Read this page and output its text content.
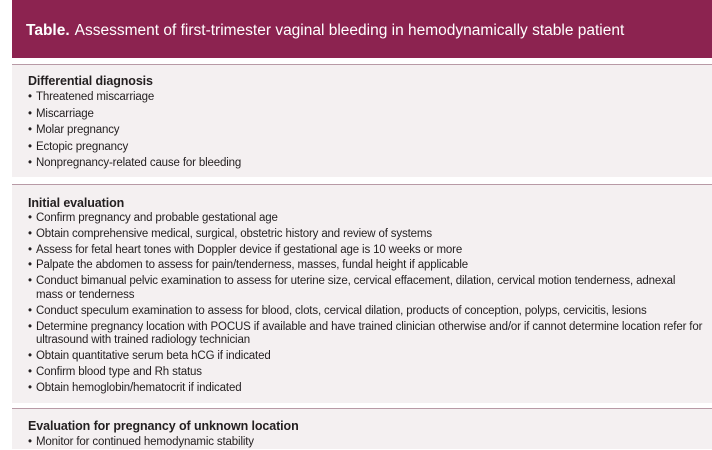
Table. Assessment of first-trimester vaginal bleeding in hemodynamically stable patient
Differential diagnosis
• Threatened miscarriage
• Miscarriage
• Molar pregnancy
• Ectopic pregnancy
• Nonpregnancy-related cause for bleeding
Initial evaluation
• Confirm pregnancy and probable gestational age
• Obtain comprehensive medical, surgical, obstetric history and review of systems
• Assess for fetal heart tones with Doppler device if gestational age is 10 weeks or more
• Palpate the abdomen to assess for pain/tenderness, masses, fundal height if applicable
• Conduct bimanual pelvic examination to assess for uterine size, cervical effacement, dilation, cervical motion tenderness, adnexal mass or tenderness
• Conduct speculum examination to assess for blood, clots, cervical dilation, products of conception, polyps, cervicitis, lesions
• Determine pregnancy location with POCUS if available and have trained clinician otherwise and/or if cannot determine location refer for ultrasound with trained radiology technician
• Obtain quantitative serum beta hCG if indicated
• Confirm blood type and Rh status
• Obtain hemoglobin/hematocrit if indicated
Evaluation for pregnancy of unknown location
• Monitor for continued hemodynamic stability
